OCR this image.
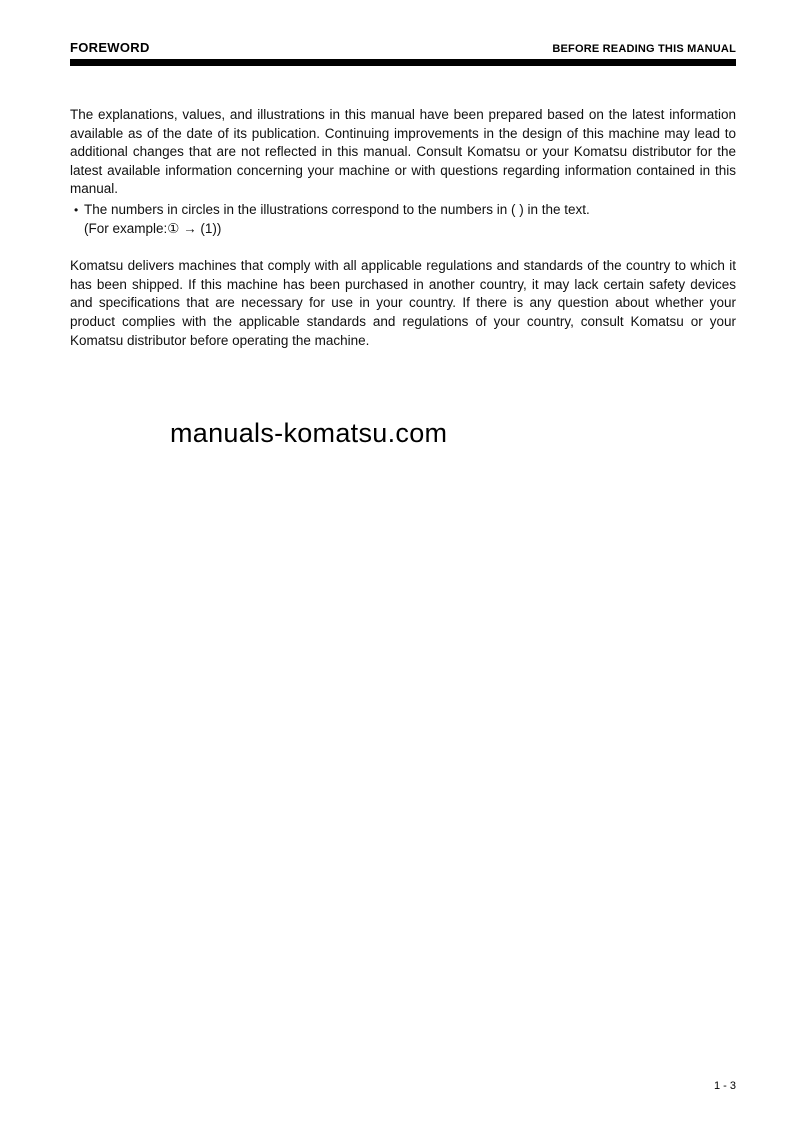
FOREWORD	BEFORE READING THIS MANUAL

The explanations, values, and illustrations in this manual have been prepared based on the latest information available as of the date of its publication. Continuing improvements in the design of this machine may lead to additional changes that are not reflected in this manual. Consult Komatsu or your Komatsu distributor for the latest available information concerning your machine or with questions regarding information contained in this manual.

• The numbers in circles in the illustrations correspond to the numbers in ( ) in the text.
(For example:① → (1))

Komatsu delivers machines that comply with all applicable regulations and standards of the country to which it has been shipped. If this machine has been purchased in another country, it may lack certain safety devices and specifications that are necessary for use in your country. If there is any question about whether your product complies with the applicable standards and regulations of your country, consult Komatsu or your Komatsu distributor before operating the machine.

manuals-komatsu.com
1 - 3
